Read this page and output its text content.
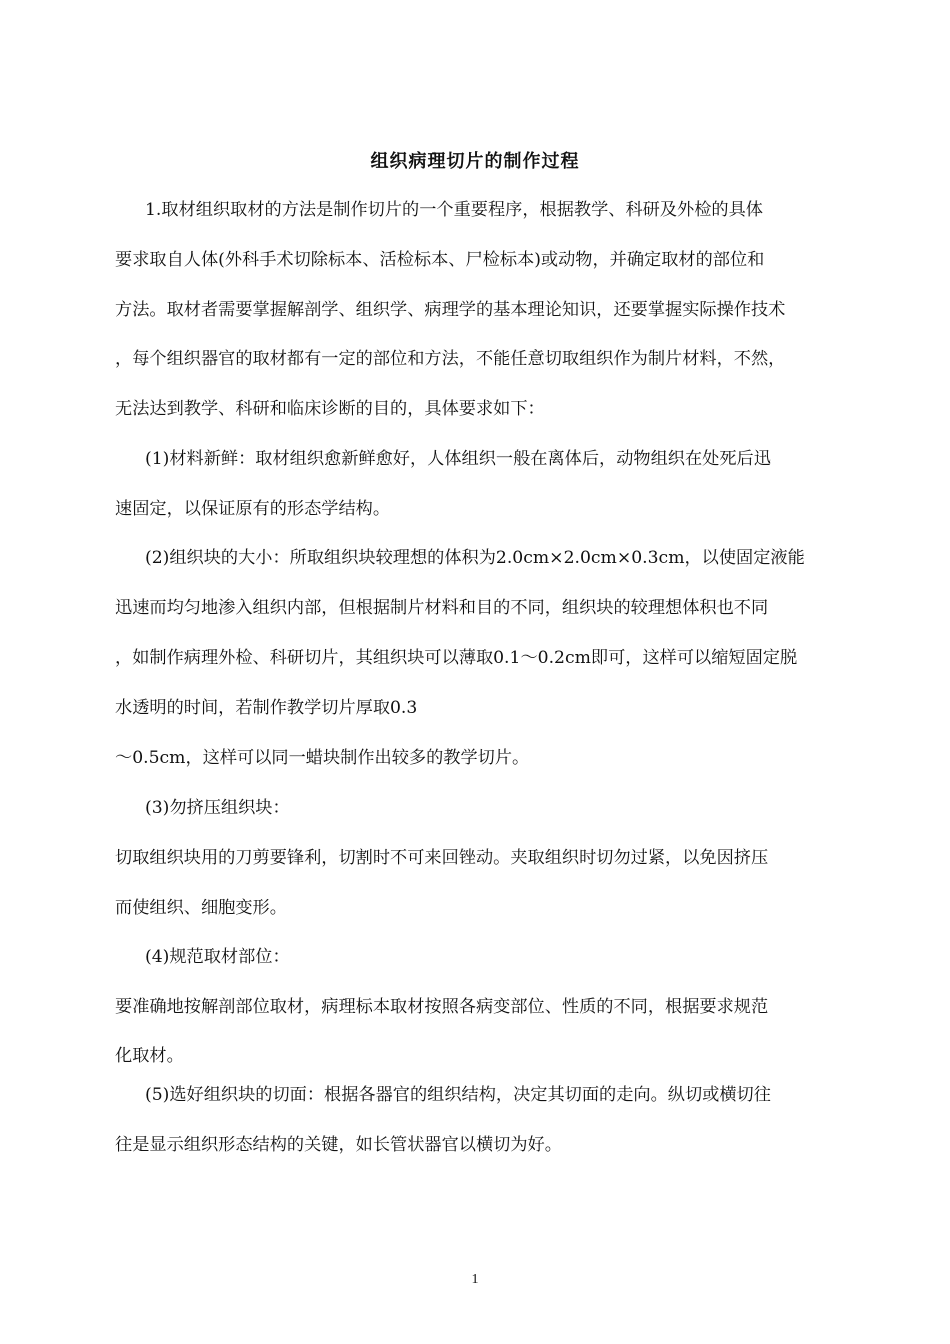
组织病理切片的制作过程
1.取材组织取材的方法是制作切片的一个重要程序，根据教学、科研及外检的具体
要求取自人体(外科手术切除标本、活检标本、尸检标本)或动物，并确定取材的部位和
方法。取材者需要掌握解剖学、组织学、病理学的基本理论知识，还要掌握实际操作技术
，每个组织器官的取材都有一定的部位和方法，不能任意切取组织作为制片材料，不然，
无法达到教学、科研和临床诊断的目的，具体要求如下：
(1)材料新鲜：取材组织愈新鲜愈好，人体组织一般在离体后，动物组织在处死后迅
速固定，以保证原有的形态学结构。
(2)组织块的大小：所取组织块较理想的体积为2.0cm×2.0cm×0.3cm，以使固定液能
迅速而均匀地渗入组织内部，但根据制片材料和目的不同，组织块的较理想体积也不同
，如制作病理外检、科研切片，其组织块可以薄取0.1～0.2cm即可，这样可以缩短固定脱
水透明的时间，若制作教学切片厚取0.3
～0.5cm，这样可以同一蜡块制作出较多的教学切片。
(3)勿挤压组织块：
切取组织块用的刀剪要锋利，切割时不可来回锉动。夹取组织时切勿过紧，以免因挤压
而使组织、细胞变形。
(4)规范取材部位：
要准确地按解剖部位取材，病理标本取材按照各病变部位、性质的不同，根据要求规范
化取材。
(5)选好组织块的切面：根据各器官的组织结构，决定其切面的走向。纵切或横切往
往是显示组织形态结构的关键，如长管状器官以横切为好。
1
